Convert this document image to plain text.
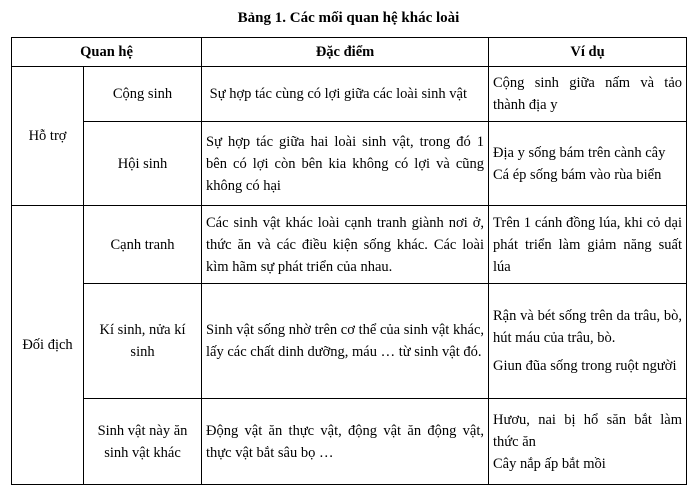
Bảng 1. Các mối quan hệ khác loài
Quan hệ		Đặc điểm	Ví dụ
Hỗ trợ	Cộng sinh	Sự hợp tác cùng có lợi giữa các loài sinh vật	Cộng sinh giữa nấm và tảo thành địa y

	Hội sinh	Sự hợp tác giữa hai loài sinh vật, trong đó 1 bên có lợi còn bên kia không có lợi và cũng không có hại	Địa y sống bám trên cành cây
Cá ép sống bám vào rùa biển

Đối địch	Cạnh tranh	Các sinh vật khác loài cạnh tranh giành nơi ở, thức ăn và các điều kiện sống khác. Các loài kìm hãm sự phát triển của nhau.	Trên 1 cánh đồng lúa, khi cỏ dại phát triển làm giảm năng suất lúa

	Kí sinh, nửa kí sinh	Sinh vật sống nhờ trên cơ thể của sinh vật khác, lấy các chất dinh dưỡng, máu … từ sinh vật đó.	Rận và bét sống trên da trâu, bò, hút máu của trâu, bò.
Giun đũa sống trong ruột người

	Sinh vật này ăn sinh vật khác	Động vật ăn thực vật, động vật ăn động vật, thực vật bắt sâu bọ …	Hươu, nai bị hổ săn bắt làm thức ăn
Cây nắp ấp bắt mồi
